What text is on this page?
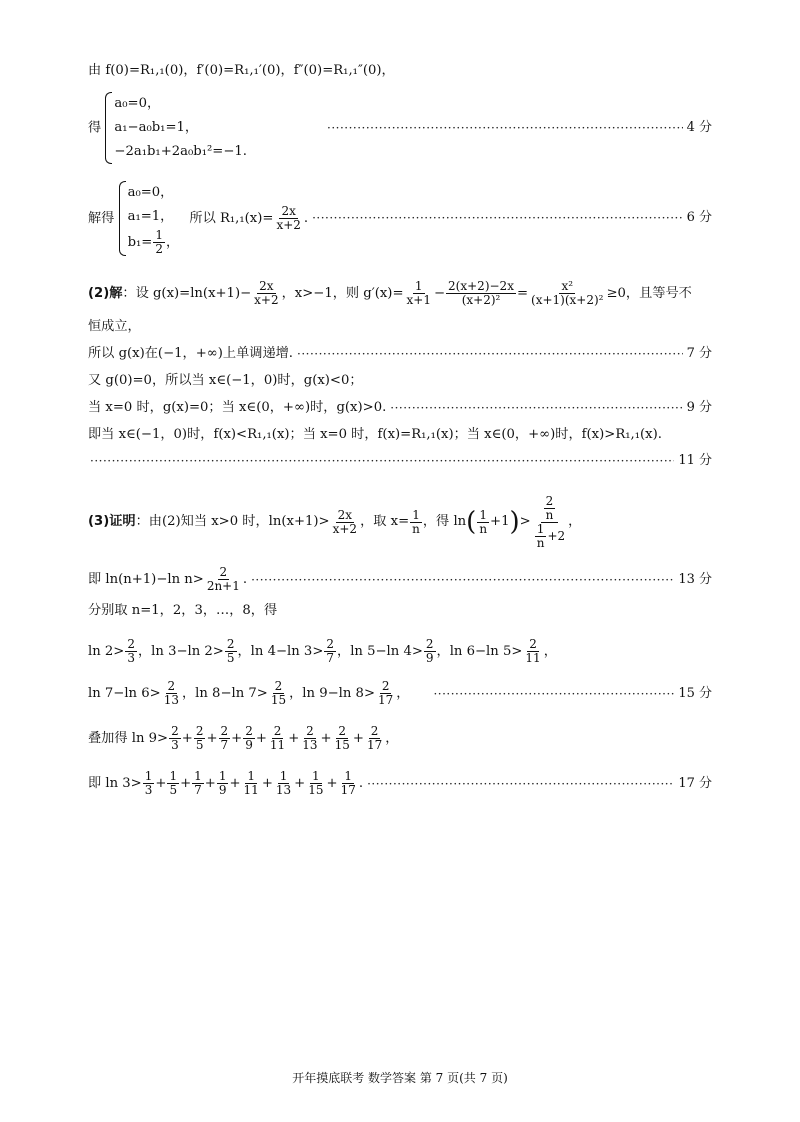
由 f(0)=R₁,₁(0)，f′(0)=R₁,₁′(0)，f″(0)=R₁,₁″(0)，
得
a₀=0，
a₁−a₀b₁=1，
−2a₁b₁+2a₀b₁²=−1.
·····
4 分
解得
a₀=0，
a₁=1，
$b_1= \frac{1}{2}$ ，
所以 $R_1,_1(x)= \frac{2x}{x+2}$ . ·····	6 分
(2)解：设 $g(x)=\ln(x+1)- \frac{2x}{x+2}$ ，x>−1，则 $g'(x)= \frac{1}{x+1} - \frac{2(x+2)-2x}{\text{(x+2)²}} = \frac{\text{x²}}{\text{(x+1)(x+2)²}} \ge 0$，且等号不
恒成立，
所以 g(x)在(−1，+∞)上单调递增. ·····	7 分
又 g(0)=0，所以当 x∈(−1，0)时，g(x)<0；
当 x=0 时，g(x)=0；当 x∈(0，+∞)时，g(x)>0. ·····	9 分
即当 x∈(−1，0)时，f(x)<R₁,₁(x)；当 x=0 时，f(x)=R₁,₁(x)；当 x∈(0，+∞)时，f(x)>R₁,₁(x).
·····
11 分
(3)证明 ：由(2)知当 x>0 时，$\ln(x+1)> \frac{2x}{x+2}$ ，取 $x= \frac{1}{n}$ ，得 ln ( $\frac{1}{n} + 1$ ) > $\frac{\frac{2}{n}}{\frac{1}{n} +2}$ ，
即 ln(n+1)−ln $n> \frac{2}{2n+1}$ . ·····	13 分
分别取 n=1，2，3，…，8，得
$\ln 2> \frac{2}{3}$ ，ln 3−ln $2> \frac{2}{5}$ ，ln 4−ln $3> \frac{2}{7}$ ，ln 5−ln $4> \frac{2}{9}$ ，ln 6−ln $5> \frac{2}{11}$ ，
ln 7−ln $6> \frac{2}{13}$ ，ln 8−ln $7> \frac{2}{15}$ ，ln 9−ln $8> \frac{2}{17}$ ， ·····	15 分
叠加得 $\ln 9> \frac{2}{3} + \frac{2}{5} + \frac{2}{7} + \frac{2}{9} + \frac{2}{11} + \frac{2}{13} + \frac{2}{15} + \frac{2}{17}$ ，
即 $\ln 3> \frac{1}{3} + \frac{1}{5} + \frac{1}{7} + \frac{1}{9} + \frac{1}{11} + \frac{1}{13} + \frac{1}{15} + \frac{1}{17}$ . ·····	17 分
开年摸底联考 数学答案 第 7 页(共 7 页)
